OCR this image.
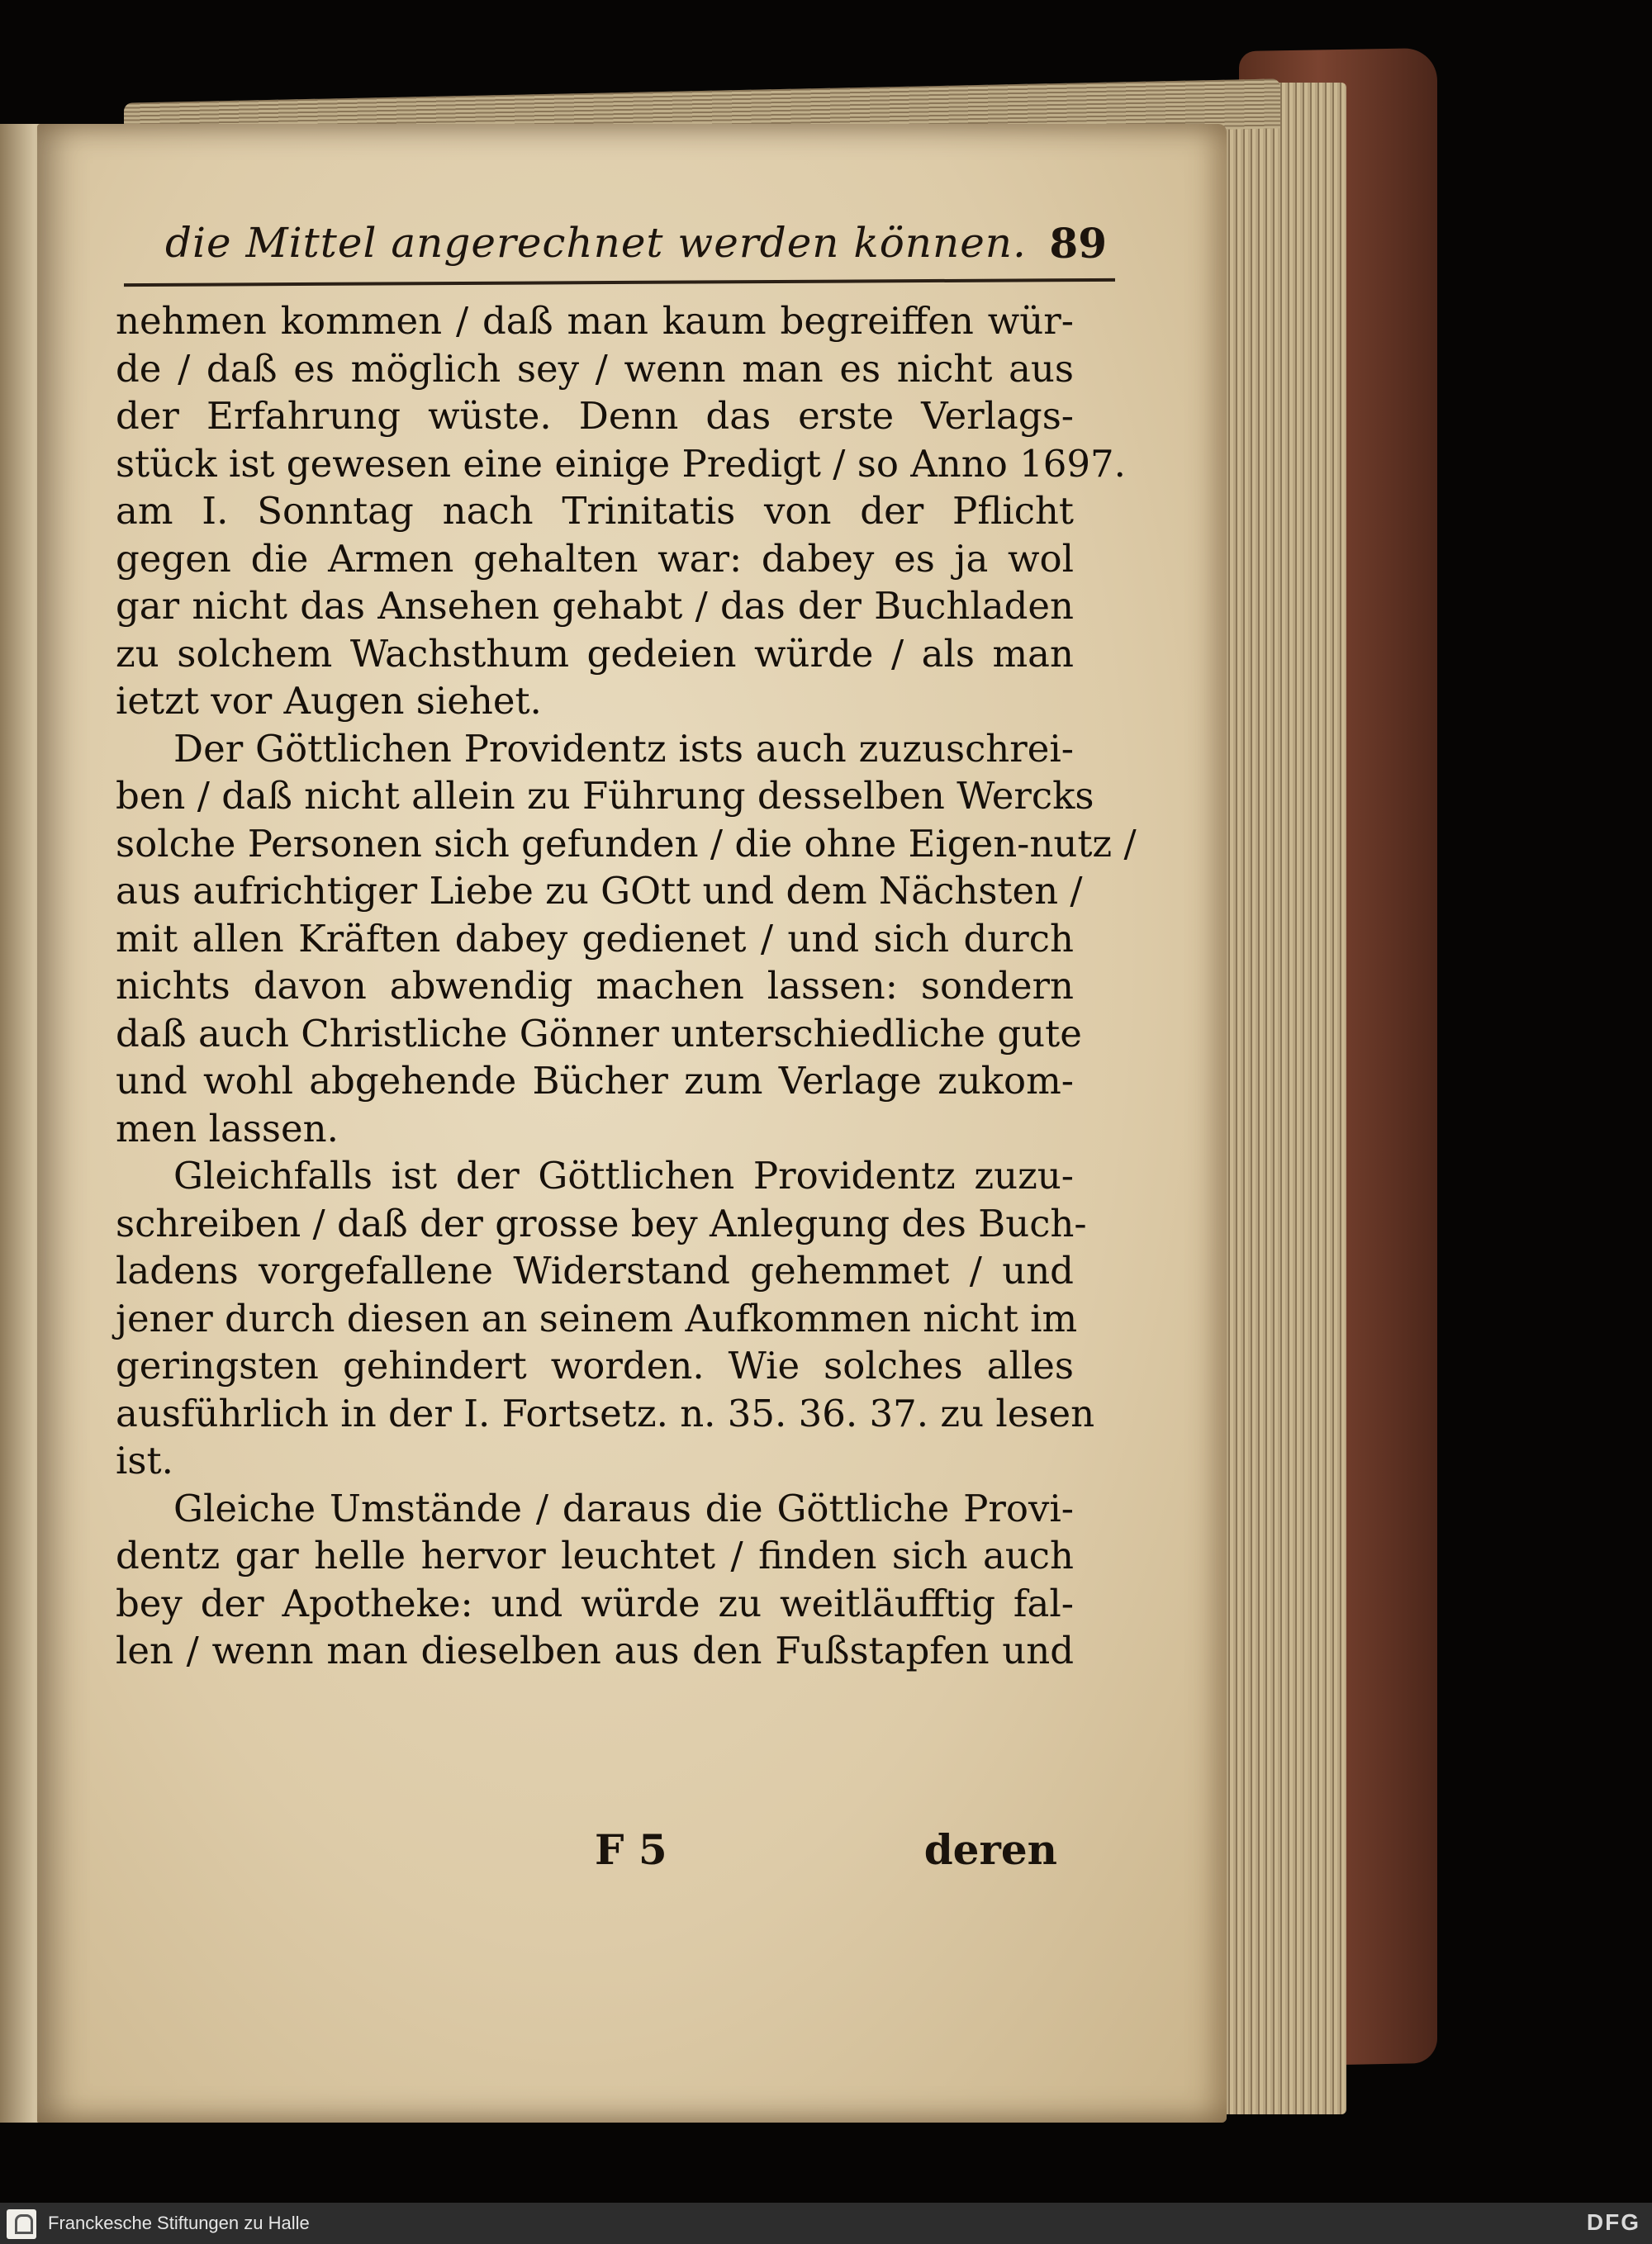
die Mittel angerechnet werden können. 89
nehmen kommen / daß man kaum begreiffen wür-
de / daß es möglich sey / wenn man es nicht aus
der Erfahrung wüste. Denn das erste Verlags-
stück ist gewesen eine einige Predigt / so Anno 1697.
am I. Sonntag nach Trinitatis von der Pflicht
gegen die Armen gehalten war: dabey es ja wol
gar nicht das Ansehen gehabt / das der Buchladen
zu solchem Wachsthum gedeien würde / als man
ietzt vor Augen siehet.
Der Göttlichen Providentz ists auch zuzuschrei-
ben / daß nicht allein zu Führung desselben Wercks
solche Personen sich gefunden / die ohne Eigen-nutz /
aus aufrichtiger Liebe zu GOtt und dem Nächsten /
mit allen Kräften dabey gedienet / und sich durch
nichts davon abwendig machen lassen: sondern
daß auch Christliche Gönner unterschiedliche gute
und wohl abgehende Bücher zum Verlage zukom-
men lassen.
Gleichfalls ist der Göttlichen Providentz zuzu-
schreiben / daß der grosse bey Anlegung des Buch-
ladens vorgefallene Widerstand gehemmet / und
jener durch diesen an seinem Aufkommen nicht im
geringsten gehindert worden. Wie solches alles
ausführlich in der I. Fortsetz. n. 35. 36. 37. zu lesen
ist.
Gleiche Umstände / daraus die Göttliche Provi-
dentz gar helle hervor leuchtet / finden sich auch
bey der Apotheke: und würde zu weitläufftig fal-
len / wenn man dieselben aus den Fußstapfen und
F 5	deren
Franckesche Stiftungen zu Halle	DFG
